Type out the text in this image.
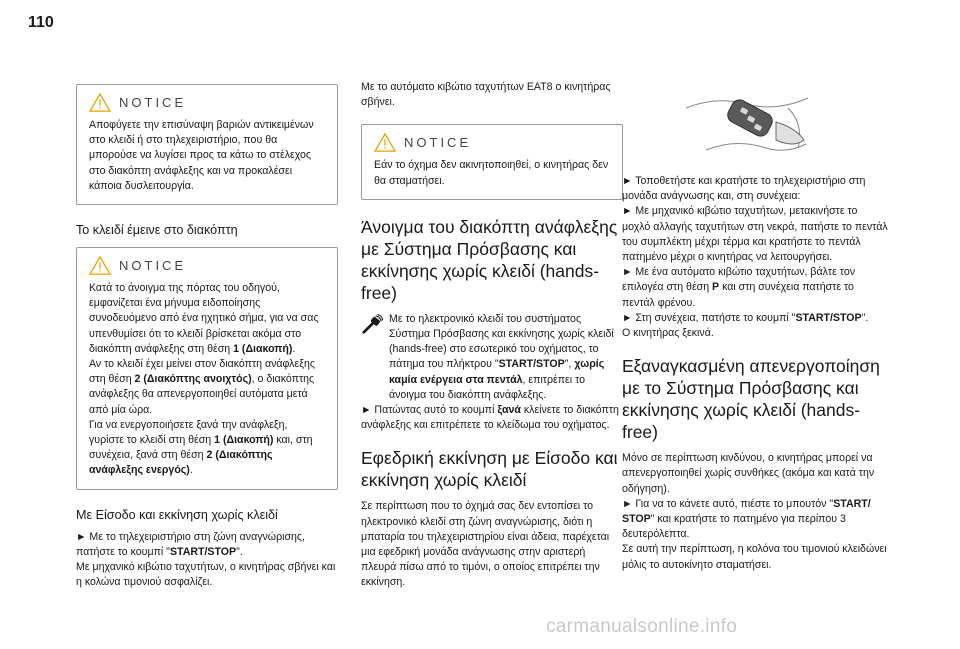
110
NOTICE

Αποφύγετε την επισύναψη βαριών αντικειμένων στο κλειδί ή στο τηλεχειριστήριο, που θα μπορούσε να λυγίσει προς τα κάτω το στέλεχος στο διακόπτη ανάφλεξης και να προκαλέσει κάποια δυσλειτουργία.

Το κλειδί έμεινε στο διακόπτη
NOTICE

Κατά το άνοιγμα της πόρτας του οδηγού, εμφανίζεται ένα μήνυμα ειδοποίησης συνοδευόμενο από ένα ηχητικό σήμα, για να σας υπενθυμίσει ότι το κλειδί βρίσκεται ακόμα στο διακόπτη ανάφλεξης στη θέση 1 (Διακοπή).

Αν το κλειδί έχει μείνει στον διακόπτη ανάφλεξης στη θέση 2 (Διακόπτης ανοιχτός), ο διακόπτης ανάφλεξης θα απενεργοποιηθεί αυτόματα μετά από μία ώρα.

Για να ενεργοποιήσετε ξανά την ανάφλεξη, γυρίστε το κλειδί στη θέση 1 (Διακοπή) και, στη συνέχεια, ξανά στη θέση 2 (Διακόπτης ανάφλεξης ενεργός).

Με Είσοδο και εκκίνηση χωρίς κλειδί

► Με το τηλεχειριστήριο στη ζώνη αναγνώρισης, πατήστε το κουμπί "START/STOP".

Με μηχανικό κιβώτιο ταχυτήτων, ο κινητήρας σβήνει και η κολώνα τιμονιού ασφαλίζει.

Με το αυτόματο κιβώτιο ταχυτήτων EAT8 ο κινητήρας σβήνει.

NOTICE

Εάν το όχημα δεν ακινητοποιηθεί, ο κινητήρας δεν θα σταματήσει.

Άνοιγμα του διακόπτη ανάφλεξης με Σύστημα Πρόσβασης και εκκίνησης χωρίς κλειδί (hands-free)

Με το ηλεκτρονικό κλειδί του συστήματος Σύστημα Πρόσβασης και εκκίνησης χωρίς κλειδί (hands-free) στο εσωτερικό του οχήματος, το πάτημα του πλήκτρου "START/STOP", χωρίς καμία ενέργεια στα πεντάλ, επιτρέπει το άνοιγμα του διακόπτη ανάφλεξης.

► Πατώντας αυτό το κουμπί ξανά κλείνετε το διακόπτη ανάφλεξης και επιτρέπετε το κλείδωμα του οχήματος.

Εφεδρική εκκίνηση με Είσοδο και εκκίνηση χωρίς κλειδί

Σε περίπτωση που το όχημά σας δεν εντοπίσει το ηλεκτρονικό κλειδί στη ζώνη αναγνώρισης, διότι η μπαταρία του τηλεχειριστηρίου είναι άδεια, παρέχεται μια εφεδρική μονάδα ανάγνωσης στην αριστερή πλευρά πίσω από το τιμόνι, ο οποίος επιτρέπει την εκκίνηση.

► Τοποθετήστε και κρατήστε το τηλεχειριστήριο στη μονάδα ανάγνωσης και, στη συνέχεια:

► Με μηχανικό κιβώτιο ταχυτήτων, μετακινήστε το μοχλό αλλαγής ταχυτήτων στη νεκρά, πατήστε το πεντάλ του συμπλέκτη μέχρι τέρμα και κρατήστε το πεντάλ πατημένο μέχρι ο κινητήρας να λειτουργήσει.

► Με ένα αυτόματο κιβώτιο ταχυτήτων, βάλτε τον επιλογέα στη θέση P και στη συνέχεια πατήστε το πεντάλ φρένου.

► Στη συνέχεια, πατήστε το κουμπί "START/STOP".

Ο κινητήρας ξεκινά.

Εξαναγκασμένη απενεργοποίηση με το Σύστημα Πρόσβασης και εκκίνησης χωρίς κλειδί (hands-free)

Μόνο σε περίπτωση κινδύνου, ο κινητήρας μπορεί να απενεργοποιηθεί χωρίς συνθήκες (ακόμα και κατά την οδήγηση).

► Για να το κάνετε αυτό, πιέστε το μπουτόν "START/ STOP" και κρατήστε το πατημένο για περίπου 3 δευτερόλεπτα.

Σε αυτή την περίπτωση, η κολόνα του τιμονιού κλειδώνει μόλις το αυτοκίνητο σταματήσει.

carmanualsonline.info
